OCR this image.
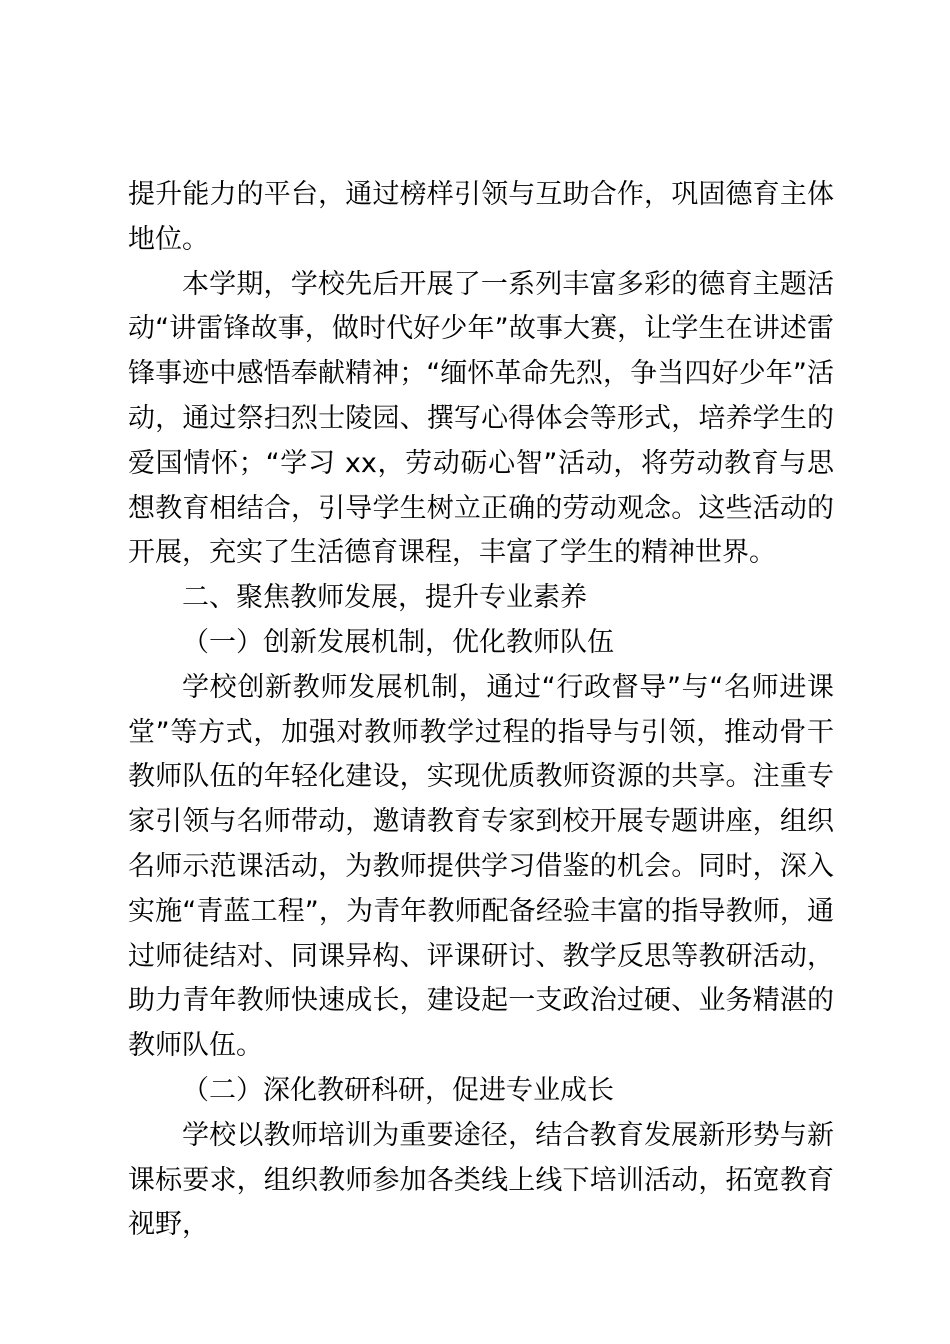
提升能力的平台，通过榜样引领与互助合作，巩固德育主体地位。

本学期，学校先后开展了一系列丰富多彩的德育主题活动“讲雷锋故事，做时代好少年”故事大赛，让学生在讲述雷锋事迹中感悟奉献精神；“缅怀革命先烈，争当四好少年”活动，通过祭扫烈士陵园、撰写心得体会等形式，培养学生的爱国情怀；“学习 xx，劳动砺心智”活动，将劳动教育与思想教育相结合，引导学生树立正确的劳动观念。这些活动的开展，充实了生活德育课程，丰富了学生的精神世界。

二、聚焦教师发展，提升专业素养

（一）创新发展机制，优化教师队伍

学校创新教师发展机制，通过“行政督导”与“名师进课堂”等方式，加强对教师教学过程的指导与引领，推动骨干教师队伍的年轻化建设，实现优质教师资源的共享。注重专家引领与名师带动，邀请教育专家到校开展专题讲座，组织名师示范课活动，为教师提供学习借鉴的机会。同时，深入实施“青蓝工程”，为青年教师配备经验丰富的指导教师，通过师徒结对、同课异构、评课研讨、教学反思等教研活动，助力青年教师快速成长，建设起一支政治过硬、业务精湛的教师队伍。

（二）深化教研科研，促进专业成长

学校以教师培训为重要途径，结合教育发展新形势与新课标要求，组织教师参加各类线上线下培训活动，拓宽教育视野，
